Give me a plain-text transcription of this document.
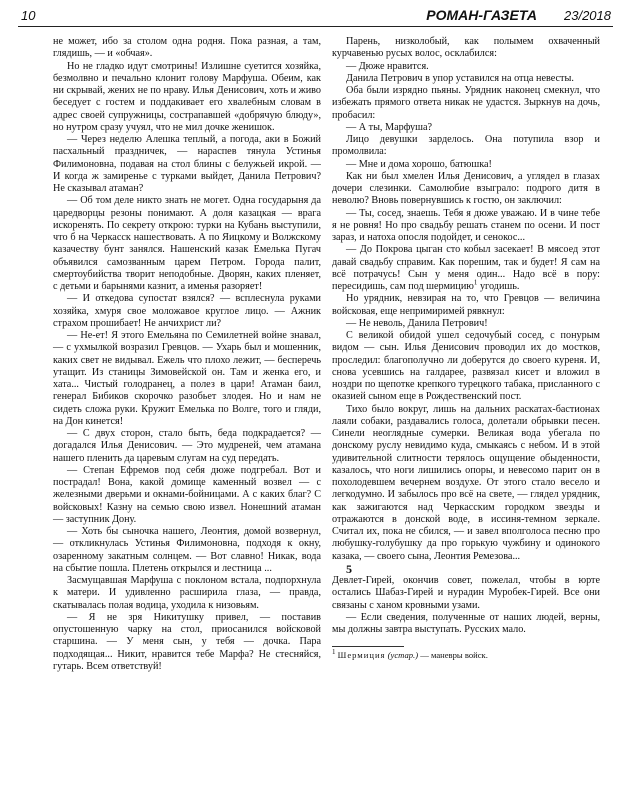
10	РОМАН-ГАЗЕТА 23/2018

не может, ибо за столом одна родня. Пока разная, а там, глядишь, — и «обчая».

Но не гладко идут смотрины! Излишне суетится хозяйка, безмолвно и печально клонит голову Марфуша. Обеим, как ни скрывай, жених не по нраву. Илья Денисович, хоть и живо беседует с гостем и поддакивает его хвалебным словам в адрес своей супружницы, сострапавшей «добрячую блюду», но нутром сразу учуял, что не мил дочке женишок.

— Через неделю Алешка теплый, а погода, аки в Божий пасхальный праздничек, — нараспев тянула Устинья Филимоновна, подавая на стол блины с белужьей икрой. — И когда ж замиренье с турками выйдет, Данила Петрович? Не сказывал атаман?

— Об том деле никто знать не могет. Одна государыня да царедворцы резоны понимают. А доля казацкая — врага искоренять. По секрету открою: турки на Кубань выступили, что б на Черкасск нашествовать. А по Яицкому и Волжскому казачеству бунт занялся. Нашенский казак Емелька Пугач объявился самозванным царем Петром. Города палит, смертоубийства творит неподобные. Дворян, каких пленяет, с детьми и барынями казнит, а именья разоряет!

— И откедова супостат взялся? — всплеснула руками хозяйка, хмуря свое моложавое круглое лицо. — Ажник страхом прошибает! Не анчихрист ли?

— Не-ет! Я этого Емельяна по Семилетней войне знавал, — с ухмылкой возразил Гревцов. — Ухарь был и мошенник, каких свет не видывал. Ежель что плохо лежит, — бесперечь утащит. Из станицы Зимовейской он. Там и женка его, и хата... Чистый голодранец, а полез в цари! Атаман баил, генерал Бибиков скорочко разобьет злодея. Но и нам не сидеть сложа руки. Кружит Емелька по Волге, того и гляди, на Дон кинется!

— С двух сторон, стало быть, беда подкрадается? — догадался Илья Денисович. — Это мудреней, чем атамана нашего пленить да царевым слугам на суд передать.

— Степан Ефремов под себя дюже подгребал. Вот и пострадал! Вона, какой домище каменный возвел — с железными дверьми и окнами-бойницами. А с каких благ? С войсковых! Казну на семью свою извел. Нонешний атаман — заступник Дону.

— Хоть бы сыночка нашего, Леонтия, домой возвернул, — откликнулась Устинья Филимоновна, подходя к окну, озаренному закатным солнцем. — Вот славно! Никак, вода на сбытие пошла. Плетень открылся и лестница ...

Засмущавшая Марфуша с поклоном встала, подпорхнула к матери. И удивленно расширила глаза, — правда, скатывалась полая водица, уходила к низовьям.

— Я не зря Никитушку привел, — поставив опустошенную чарку на стол, приосанился войсковой старшина. — У меня сын, у тебя — дочка. Пара подходящая... Никит, нравится тебе Марфа? Не стесняйся, гутарь. Всем ответствуй!

Парень, низколобый, как полымем охваченный курчавенью русых волос, осклабился:

— Дюже нравится.

Данила Петрович в упор уставился на отца невесты.

Оба были изрядно пьяны. Урядник наконец смекнул, что избежать прямого ответа никак не удастся. Зыркнув на дочь, пробасил:

— А ты, Марфуша?

Лицо девушки зарделось. Она потупила взор и промолвила:

— Мне и дома хорошо, батюшка!

Как ни был хмелен Илья Денисович, а углядел в глазах дочери слезинки. Самолюбие взыграло: подрого дитя в неволю? Вновь повернувшись к гостю, он заключил:

— Ты, сосед, знаешь. Тебя я дюже уважаю. И в чине тебе я не ровня! Но про свадьбу решать станем по осени. И пост зараз, и натоха опосля подойдет, и сенокос...

— До Покрова цыган сто кобыл засекает! В мясоед этот давай свадьбу справим. Как порешим, так и будет! Я сам на всё потрачусь! Сын у меня один... Надо всё в пору: пересидишь, сам под шермицию$^1$ угодишь.

Но урядник, невзирая на то, что Гревцов — величина войсковая, еще непримиримей рявкнул:

— Не неволь, Данила Петрович!

С великой обидой ушел седочубый сосед, с понурым видом — сын. Илья Денисович проводил их до мостков, проследил: благополучно ли доберутся до своего куреня. И, снова усевшись на галдарее, развязал кисет и вложил в ноздри по щепотке крепкого турецкого табака, присланного с оказией сыном еще в Рождественский пост.

Тихо было вокруг, лишь на дальних раскатах-бастионах лаяли собаки, раздавались голоса, долетали обрывки песен. Синели неоглядные сумерки. Великая вода убегала по донскому руслу невидимо куда, смыкаясь с небом. И в этой удивительной слитности терялось ощущение обыденности, казалось, что ноги лишились опоры, и невесомо парит он в похолодевшем вечернем воздухе. От этого стало весело и легкодумно. И забылось про всё на свете, — глядел урядник, как зажигаются над Черкасским городком звезды и отражаются в донской воде, в иссиня-темном зеркале. Считал их, пока не сбился, — и завел вполголоса песню про любушку-голубушку да про горькую чужбину и одинокого казака, — своего сына, Леонтия Ремезова...

5

Девлет-Гирей, окончив совет, пожелал, чтобы в юрте остались Шабаз-Гирей и нурадин Муробек-Гирей. Все они связаны с ханом кровными узами.

— Если сведения, полученные от наших людей, верны, мы должны завтра выступать. Русских мало.

$^1$ Шермиция (устар.) — маневры войск.
